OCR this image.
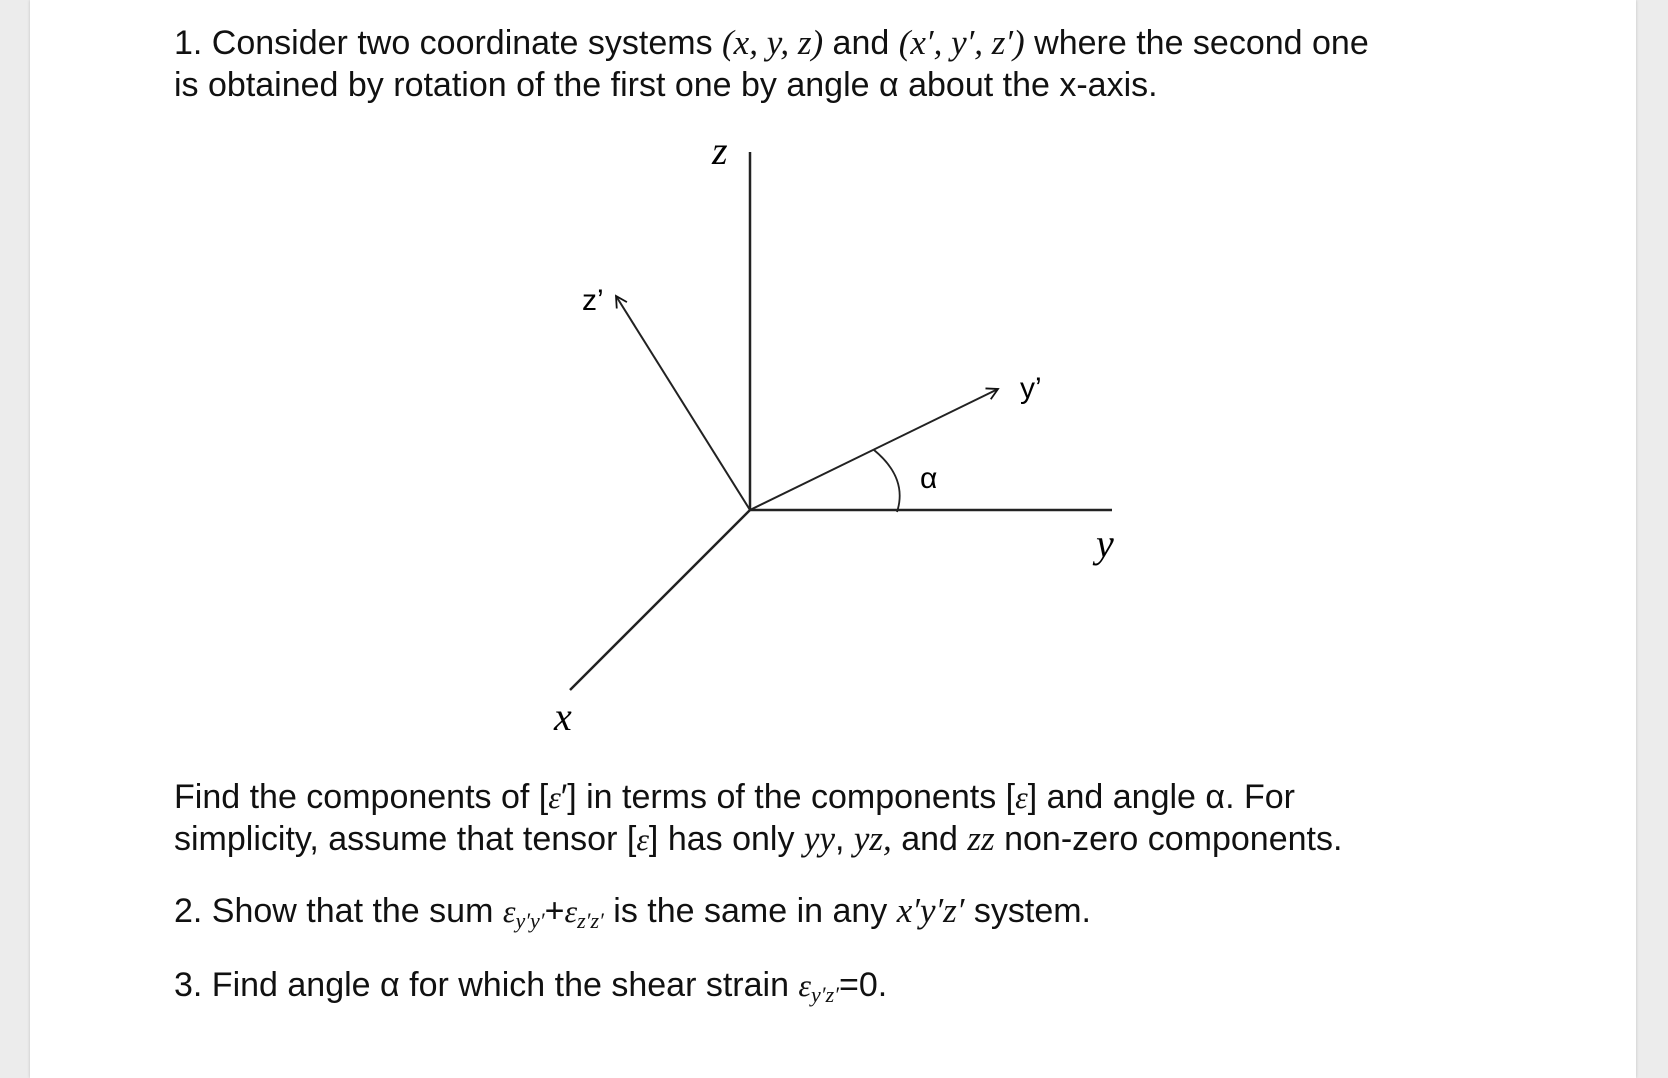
1. Consider two coordinate systems (x, y, z) and (x′, y′, z′) where the second one
is obtained by rotation of the first one by angle α about the x-axis.
z
y
x
z’
y’
α
Find the components of [ε′] in terms of the components [ε] and angle α. For
simplicity, assume that tensor [ε] has only yy, yz, and zz non-zero components.
2. Show that the sum $\varepsilon_{y'y'}+\varepsilon_{z'z'}$ is the same in any x′y′z′ system.
3. Find angle α for which the shear strain $\varepsilon_{y'z'}=0$.
